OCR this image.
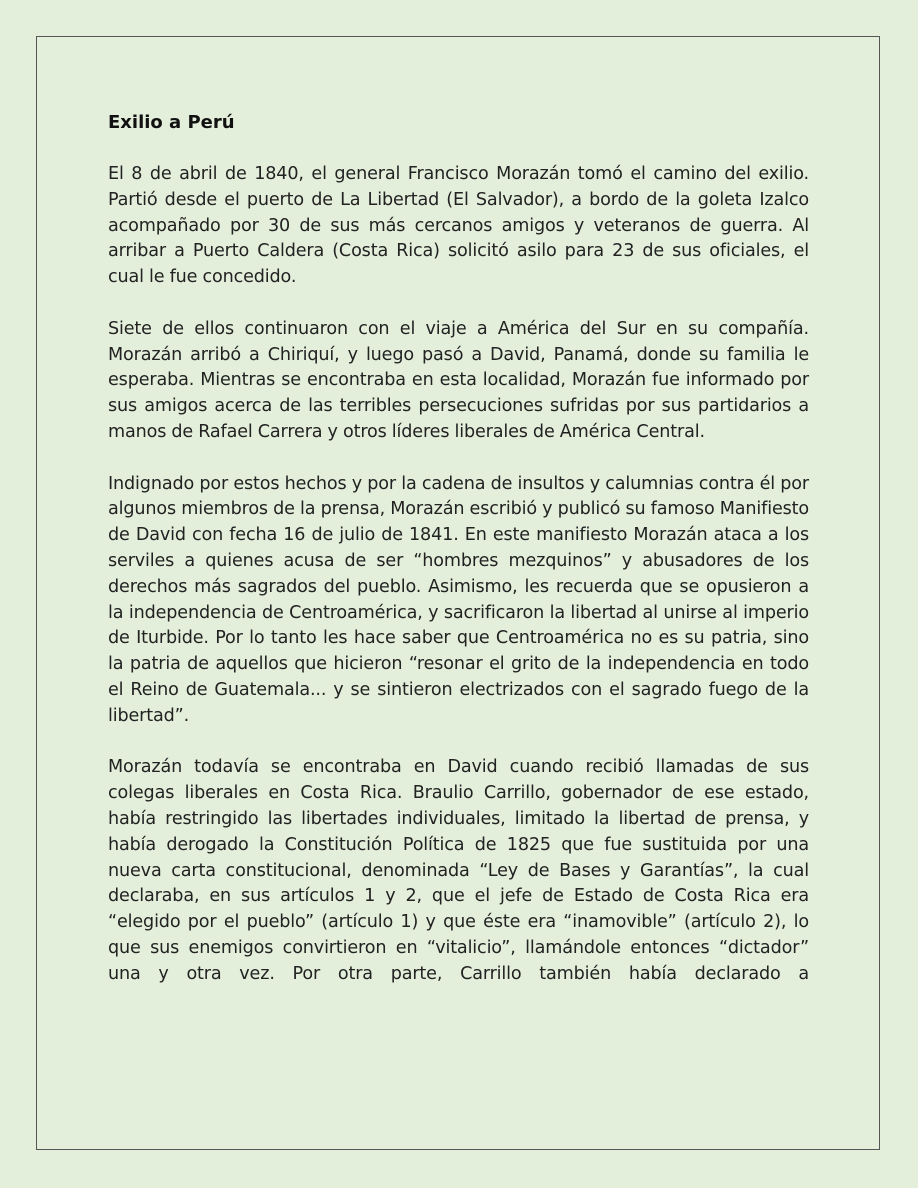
Exilio a Perú

El 8 de abril de 1840, el general Francisco Morazán tomó el camino del exilio. Partió desde el puerto de La Libertad (El Salvador), a bordo de la goleta Izalco acompañado por 30 de sus más cercanos amigos y veteranos de guerra. Al arribar a Puerto Caldera (Costa Rica) solicitó asilo para 23 de sus oficiales, el cual le fue concedido.

Siete de ellos continuaron con el viaje a América del Sur en su compañía. Morazán arribó a Chiriquí, y luego pasó a David, Panamá, donde su familia le esperaba. Mientras se encontraba en esta localidad, Morazán fue informado por sus amigos acerca de las terribles persecuciones sufridas por sus partidarios a manos de Rafael Carrera y otros líderes liberales de América Central.

Indignado por estos hechos y por la cadena de insultos y calumnias contra él por algunos miembros de la prensa, Morazán escribió y publicó su famoso Manifiesto de David con fecha 16 de julio de 1841. En este manifiesto Morazán ataca a los serviles a quienes acusa de ser “hombres mezquinos” y abusadores de los derechos más sagrados del pueblo. Asimismo, les recuerda que se opusieron a la independencia de Centroamérica, y sacrificaron la libertad al unirse al imperio de Iturbide. Por lo tanto les hace saber que Centroamérica no es su patria, sino la patria de aquellos que hicieron “resonar el grito de la independencia en todo el Reino de Guatemala... y se sintieron electrizados con el sagrado fuego de la libertad”.

Morazán todavía se encontraba en David cuando recibió llamadas de sus colegas liberales en Costa Rica. Braulio Carrillo, gobernador de ese estado, había restringido las libertades individuales, limitado la libertad de prensa, y había derogado la Constitución Política de 1825 que fue sustituida por una nueva carta constitucional, denominada “Ley de Bases y Garantías”, la cual declaraba, en sus artículos 1 y 2, que el jefe de Estado de Costa Rica era “elegido por el pueblo” (artículo 1) y que éste era “inamovible” (artículo 2), lo que sus enemigos convirtieron en “vitalicio”, llamándole entonces “dictador” una y otra vez. Por otra parte, Carrillo también había declarado a
